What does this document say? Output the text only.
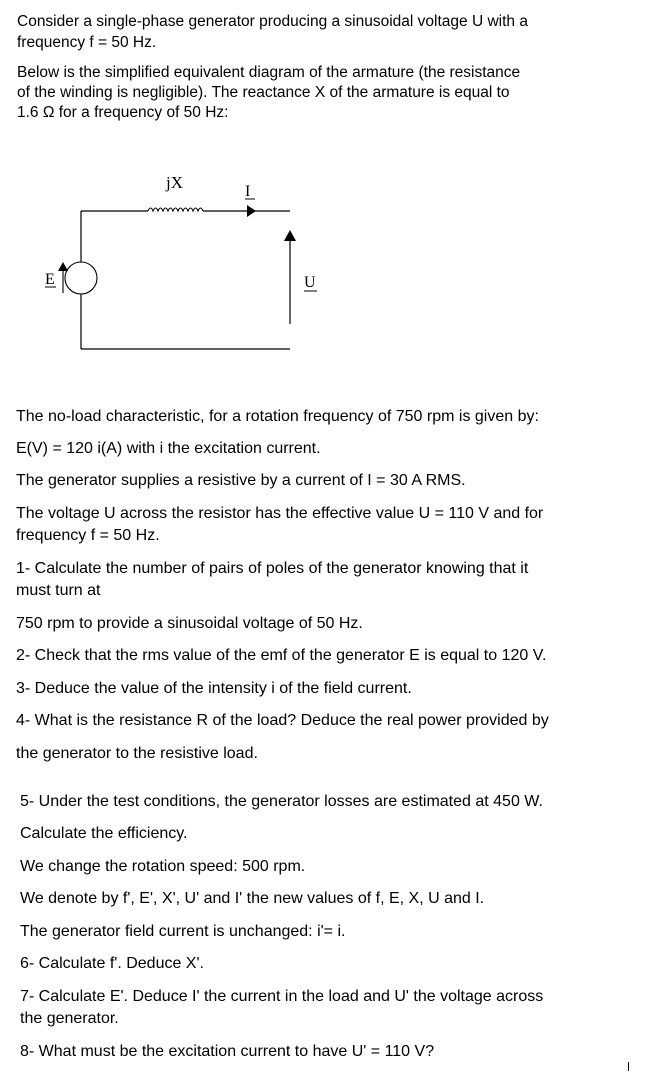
Consider a single-phase generator producing a sinusoidal voltage U with a

frequency f = 50 Hz.

Below is the simplified equivalent diagram of the armature (the resistance

of the winding is negligible). The reactance X of the armature is equal to

1.6 Ω for a frequency of 50 Hz:

jX	I
E	U

The no-load characteristic, for a rotation frequency of 750 rpm is given by:

E(V) = 120 i(A) with i the excitation current.

The generator supplies a resistive by a current of I = 30 A RMS.

The voltage U across the resistor has the effective value U = 110 V and for

frequency f = 50 Hz.

1- Calculate the number of pairs of poles of the generator knowing that it

must turn at

750 rpm to provide a sinusoidal voltage of 50 Hz.

2- Check that the rms value of the emf of the generator E is equal to 120 V.

3- Deduce the value of the intensity i of the field current.

4- What is the resistance R of the load? Deduce the real power provided by

the generator to the resistive load.

5- Under the test conditions, the generator losses are estimated at 450 W.

Calculate the efficiency.

We change the rotation speed: 500 rpm.

We denote by f', E', X', U' and I' the new values of f, E, X, U and I.

The generator field current is unchanged: i'= i.

6- Calculate f'. Deduce X'.

7- Calculate E'. Deduce I' the current in the load and U' the voltage across

the generator.

8- What must be the excitation current to have U' = 110 V?
